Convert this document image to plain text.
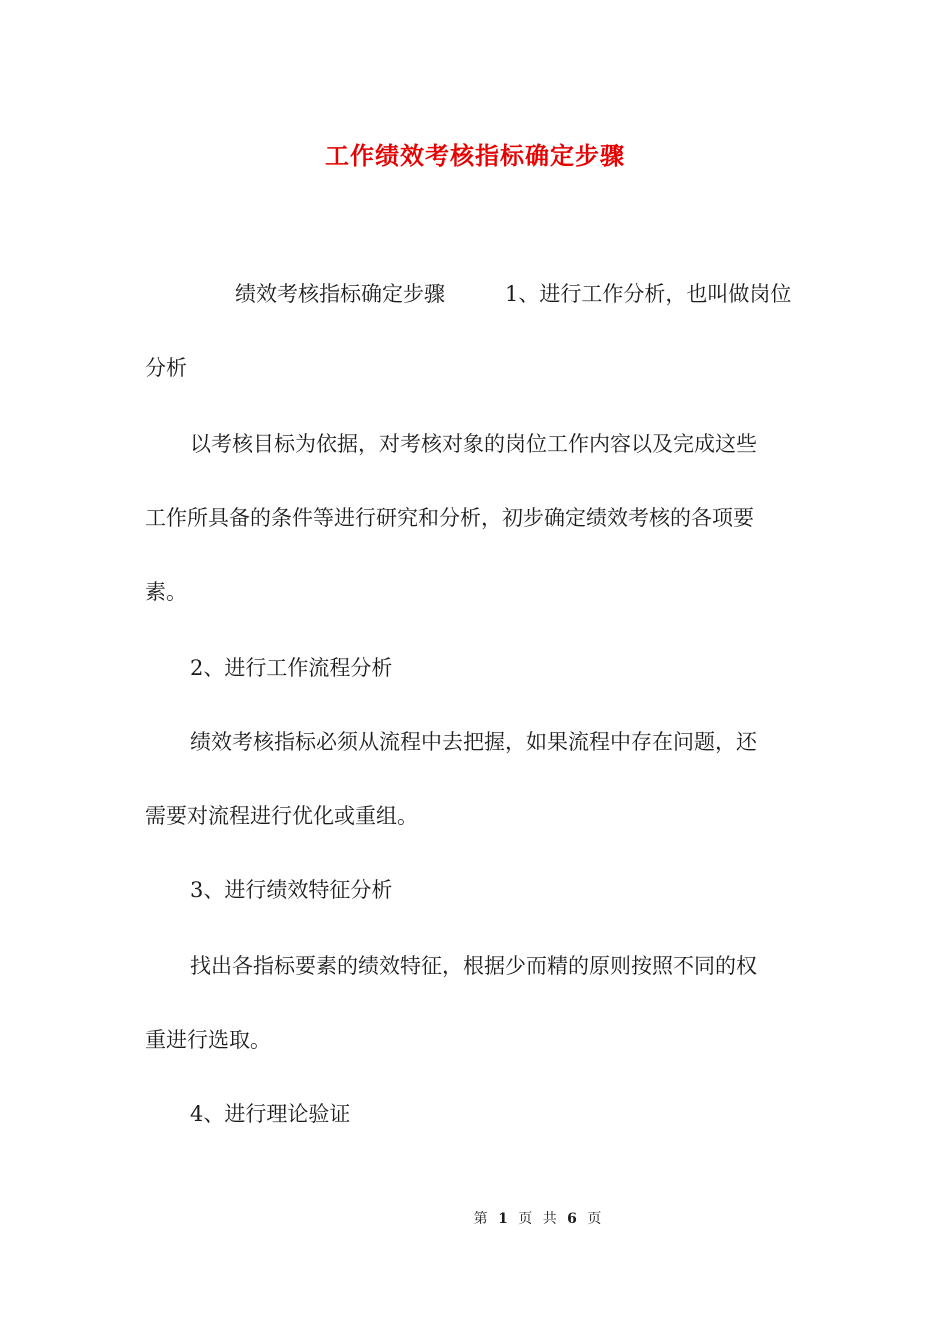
工作绩效考核指标确定步骤
绩效考核指标确定步骤	1、进行工作分析，也叫做岗位
分析
以考核目标为依据，对考核对象的岗位工作内容以及完成这些
工作所具备的条件等进行研究和分析，初步确定绩效考核的各项要
素。
2、进行工作流程分析
绩效考核指标必须从流程中去把握，如果流程中存在问题，还
需要对流程进行优化或重组。
3、进行绩效特征分析
找出各指标要素的绩效特征，根据少而精的原则按照不同的权
重进行选取。
4、进行理论验证
第 1 页 共 6 页
